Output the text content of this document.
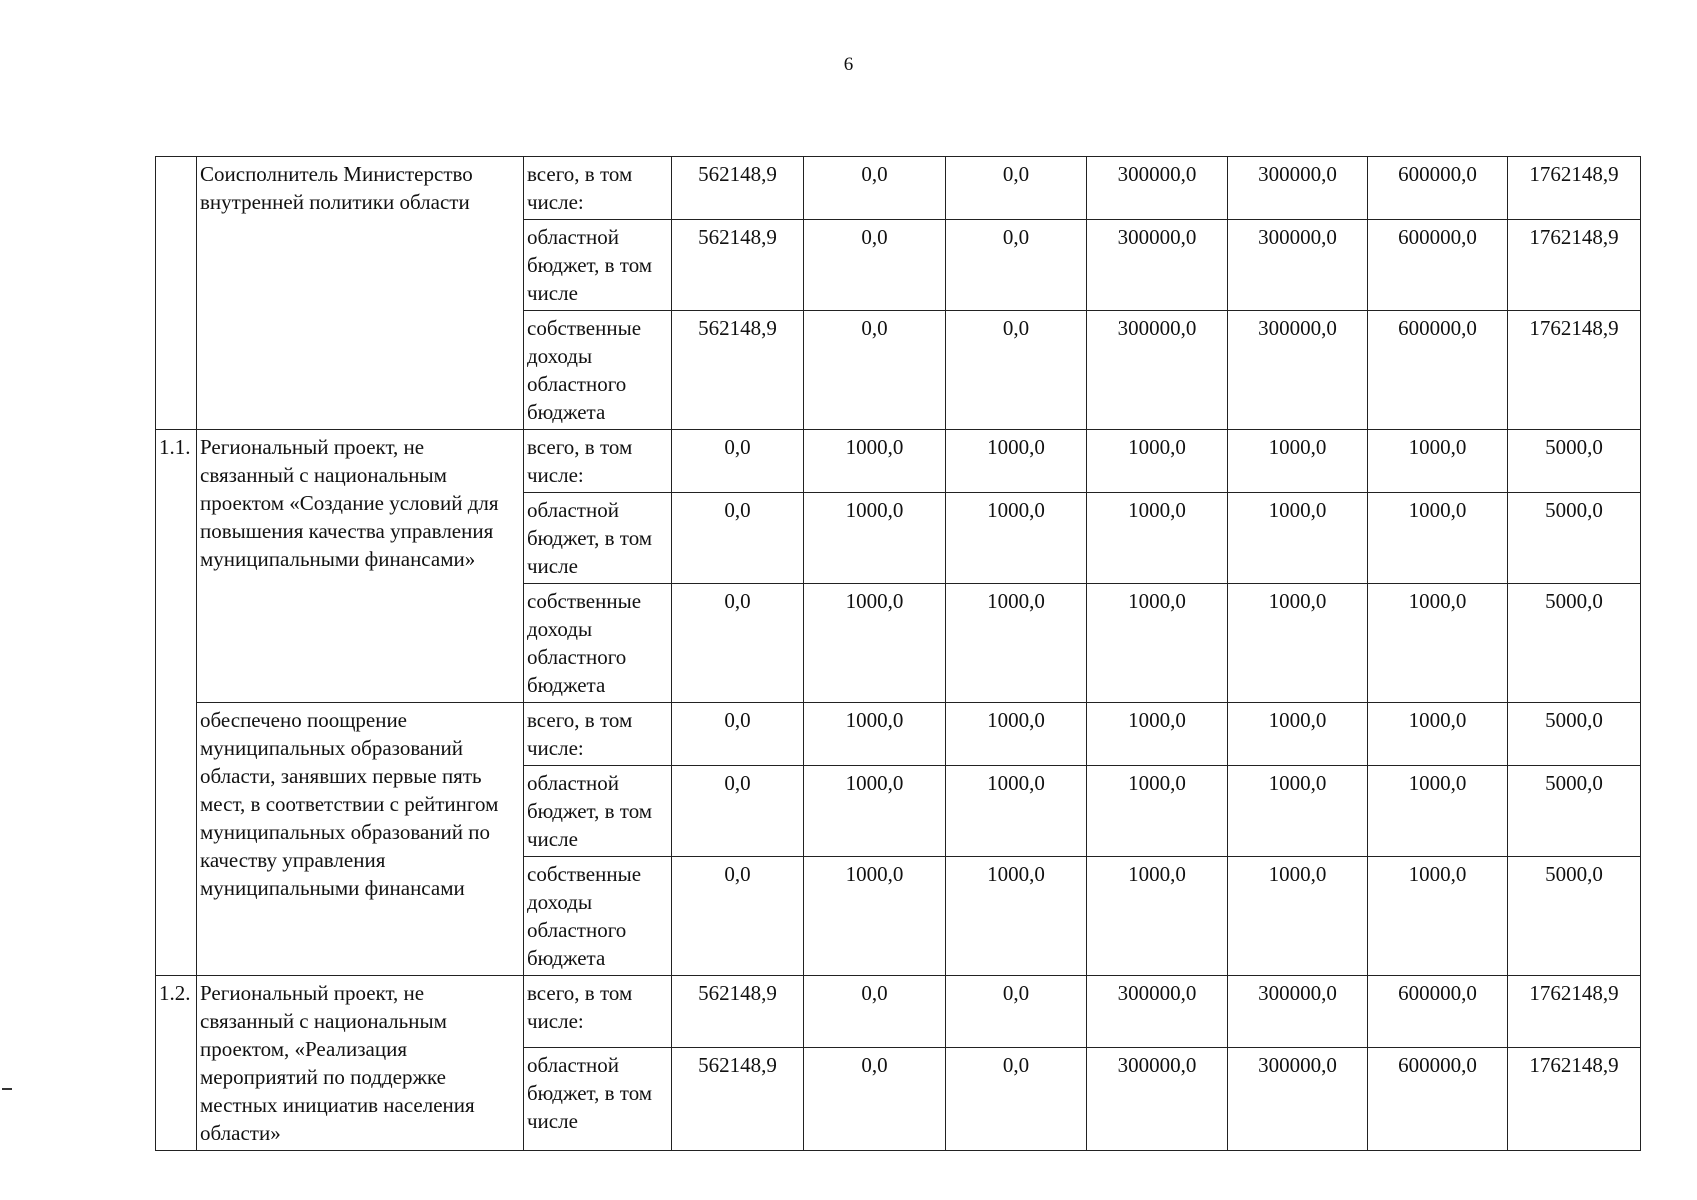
6
	Соисполнитель Министерство внутренней политики области	всего, в том числе:	562148,9	0,0	0,0	300000,0	300000,0	600000,0	1762148,9
		областной бюджет, в том числе	562148,9	0,0	0,0	300000,0	300000,0	600000,0	1762148,9
		собственные доходы областного бюджета	562148,9	0,0	0,0	300000,0	300000,0	600000,0	1762148,9
1.1.	Региональный проект, не связанный с национальным проектом «Создание условий для повышения качества управления муниципальными финансами»	всего, в том числе:	0,0	1000,0	1000,0	1000,0	1000,0	1000,0	5000,0
		областной бюджет, в том числе	0,0	1000,0	1000,0	1000,0	1000,0	1000,0	5000,0
		собственные доходы областного бюджета	0,0	1000,0	1000,0	1000,0	1000,0	1000,0	5000,0
	обеспечено поощрение муниципальных образований области, занявших первые пять мест, в соответствии с рейтингом муниципальных образований по качеству управления муниципальными финансами	всего, в том числе:	0,0	1000,0	1000,0	1000,0	1000,0	1000,0	5000,0
		областной бюджет, в том числе	0,0	1000,0	1000,0	1000,0	1000,0	1000,0	5000,0
		собственные доходы областного бюджета	0,0	1000,0	1000,0	1000,0	1000,0	1000,0	5000,0
1.2.	Региональный проект, не связанный с национальным проектом, «Реализация мероприятий по поддержке местных инициатив населения области»	всего, в том числе:	562148,9	0,0	0,0	300000,0	300000,0	600000,0	1762148,9
		областной бюджет, в том числе	562148,9	0,0	0,0	300000,0	300000,0	600000,0	1762148,9
